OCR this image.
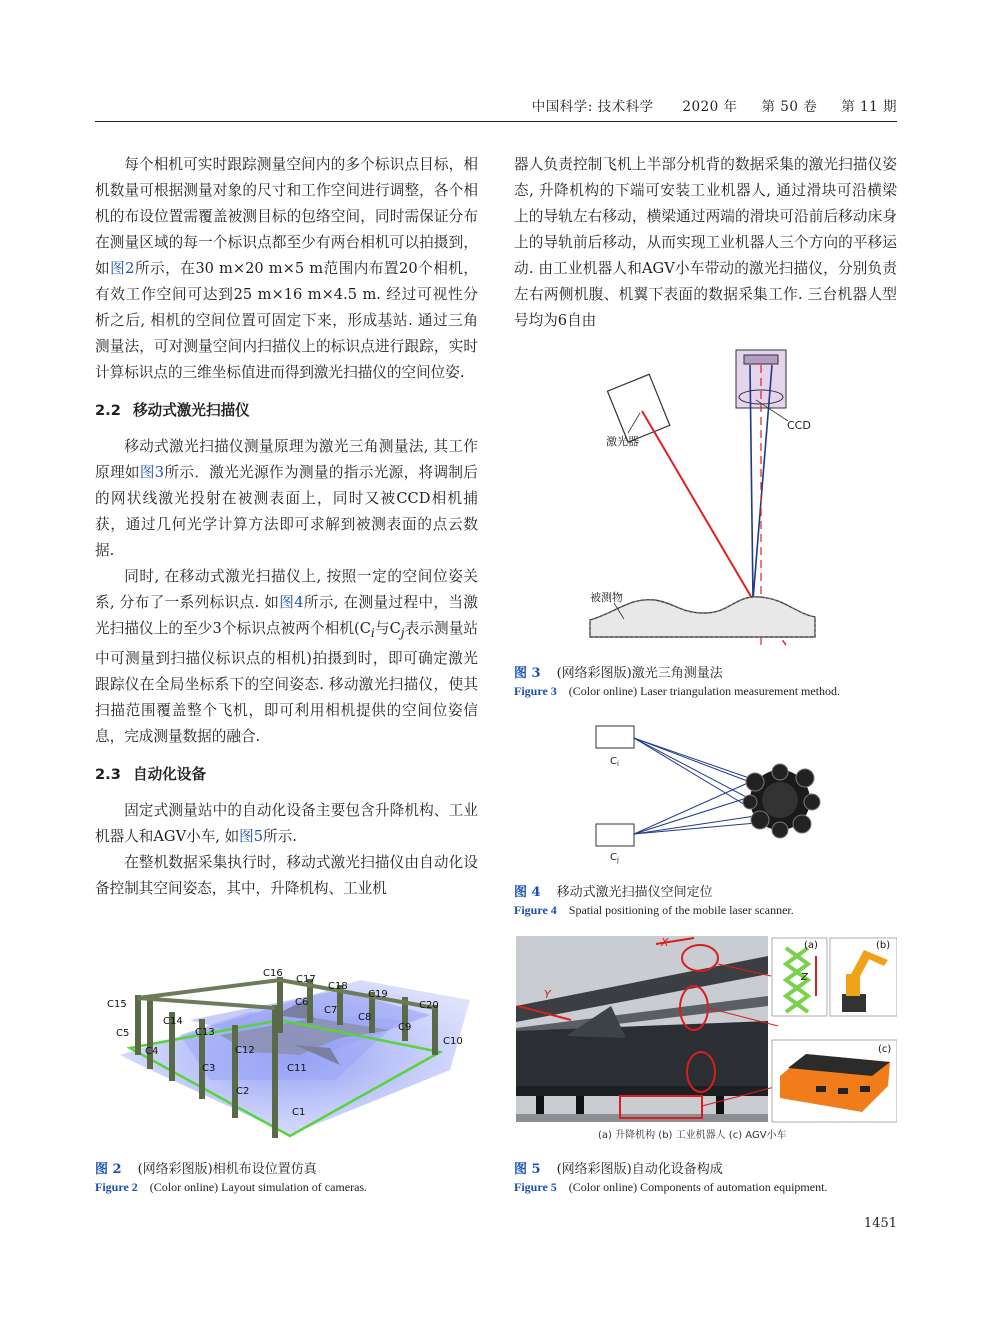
中国科学: 技术科学 2020 年 第 50 卷 第 11 期

每个相机可实时跟踪测量空间内的多个标识点目标，相机数量可根据测量对象的尺寸和工作空间进行调整，各个相机的布设位置需覆盖被测目标的包络空间，同时需保证分布在测量区域的每一个标识点都至少有两台相机可以拍摄到，如图2所示，在30 m×20 m×5 m范围内布置20个相机， 有效工作空间可达到25 m×16 m×4.5 m. 经过可视性分析之后, 相机的空间位置可固定下来，形成基站. 通过三角测量法，可对测量空间内扫描仪上的标识点进行跟踪，实时计算标识点的三维坐标值进而得到激光扫描仪的空间位姿.

2.2 移动式激光扫描仪

移动式激光扫描仪测量原理为激光三角测量法, 其工作原理如图3所示．激光光源作为测量的指示光源，将调制后的网状线激光投射在被测表面上，同时又被CCD相机捕获，通过几何光学计算方法即可求解到被测表面的点云数据.

同时, 在移动式激光扫描仪上, 按照一定的空间位姿关系, 分布了一系列标识点. 如图4所示, 在测量过程中，当激光扫描仪上的至少3个标识点被两个相机($C_i$与$C_j$表示测量站中可测量到扫描仪标识点的相机)拍摄到时，即可确定激光跟踪仪在全局坐标系下的空间姿态. 移动激光扫描仪，使其扫描范围覆盖整个飞机，即可利用相机提供的空间位姿信息，完成测量数据的融合.

2.3 自动化设备

固定式测量站中的自动化设备主要包含升降机构、工业机器人和AGV小车, 如图5所示.

在整机数据采集执行时，移动式激光扫描仪由自动化设备控制其空间姿态，其中，升降机构、工业机

器人负责控制飞机上半部分机背的数据采集的激光扫描仪姿态, 升降机构的下端可安装工业机器人, 通过滑块可沿横梁上的导轨左右移动，横梁通过两端的滑块可沿前后移动床身上的导轨前后移动，从而实现工业机器人三个方向的平移运动. 由工业机器人和AGV小车带动的激光扫描仪，分别负责左右两侧机腹、机翼下表面的数据采集工作. 三台机器人型号均为6自由

C1
C2
C3
C4
C5
C6
C7
C8
C9
C10
C11
C12
C13
C14
C15
C16
C17
C18
C19
C20
图 2 (网络彩图版)相机布设位置仿真
Figure 2 (Color online) Layout simulation of cameras.
CCD
激光器
被测物
图 3 (网络彩图版)激光三角测量法
Figure 3 (Color online) Laser triangulation measurement method.
$C_i$
$C_j$
图 4 移动式激光扫描仪空间定位
Figure 4 Spatial positioning of the mobile laser scanner.
X
Y
Z
(a)	(b)
(c)
(a) 升降机构 (b) 工业机器人 (c) AGV小车
图 5 (网络彩图版)自动化设备构成
Figure 5 (Color online) Components of automation equipment.
1451
